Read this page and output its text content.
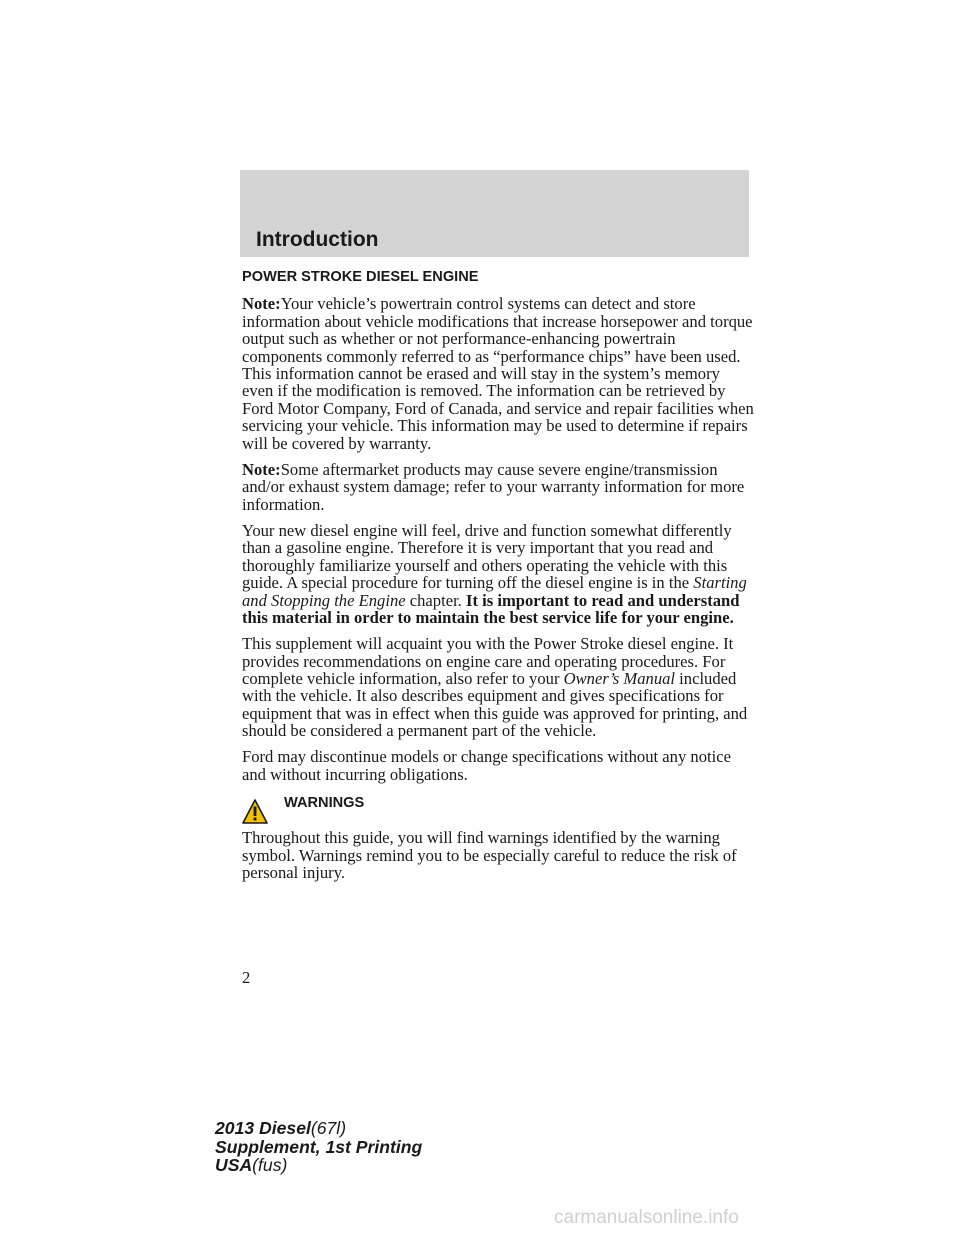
Introduction
POWER STROKE DIESEL ENGINE

Note:Your vehicle’s powertrain control systems can detect and store information about vehicle modifications that increase horsepower and torque output such as whether or not performance-enhancing powertrain components commonly referred to as “performance chips” have been used. This information cannot be erased and will stay in the system’s memory even if the modification is removed. The information can be retrieved by Ford Motor Company, Ford of Canada, and service and repair facilities when servicing your vehicle. This information may be used to determine if repairs will be covered by warranty.

Note:Some aftermarket products may cause severe engine/transmission and/or exhaust system damage; refer to your warranty information for more information.

Your new diesel engine will feel, drive and function somewhat differently than a gasoline engine. Therefore it is very important that you read and thoroughly familiarize yourself and others operating the vehicle with this guide. A special procedure for turning off the diesel engine is in the Starting and Stopping the Engine chapter. It is important to read and understand this material in order to maintain the best service life for your engine.

This supplement will acquaint you with the Power Stroke diesel engine. It provides recommendations on engine care and operating procedures. For complete vehicle information, also refer to your Owner’s Manual included with the vehicle. It also describes equipment and gives specifications for equipment that was in effect when this guide was approved for printing, and should be considered a permanent part of the vehicle.

Ford may discontinue models or change specifications without any notice and without incurring obligations.

WARNINGS

Throughout this guide, you will find warnings identified by the warning symbol. Warnings remind you to be especially careful to reduce the risk of personal injury.

2
2013 Diesel(67l)
Supplement, 1st Printing
USA(fus)
carmanualsonline.info
